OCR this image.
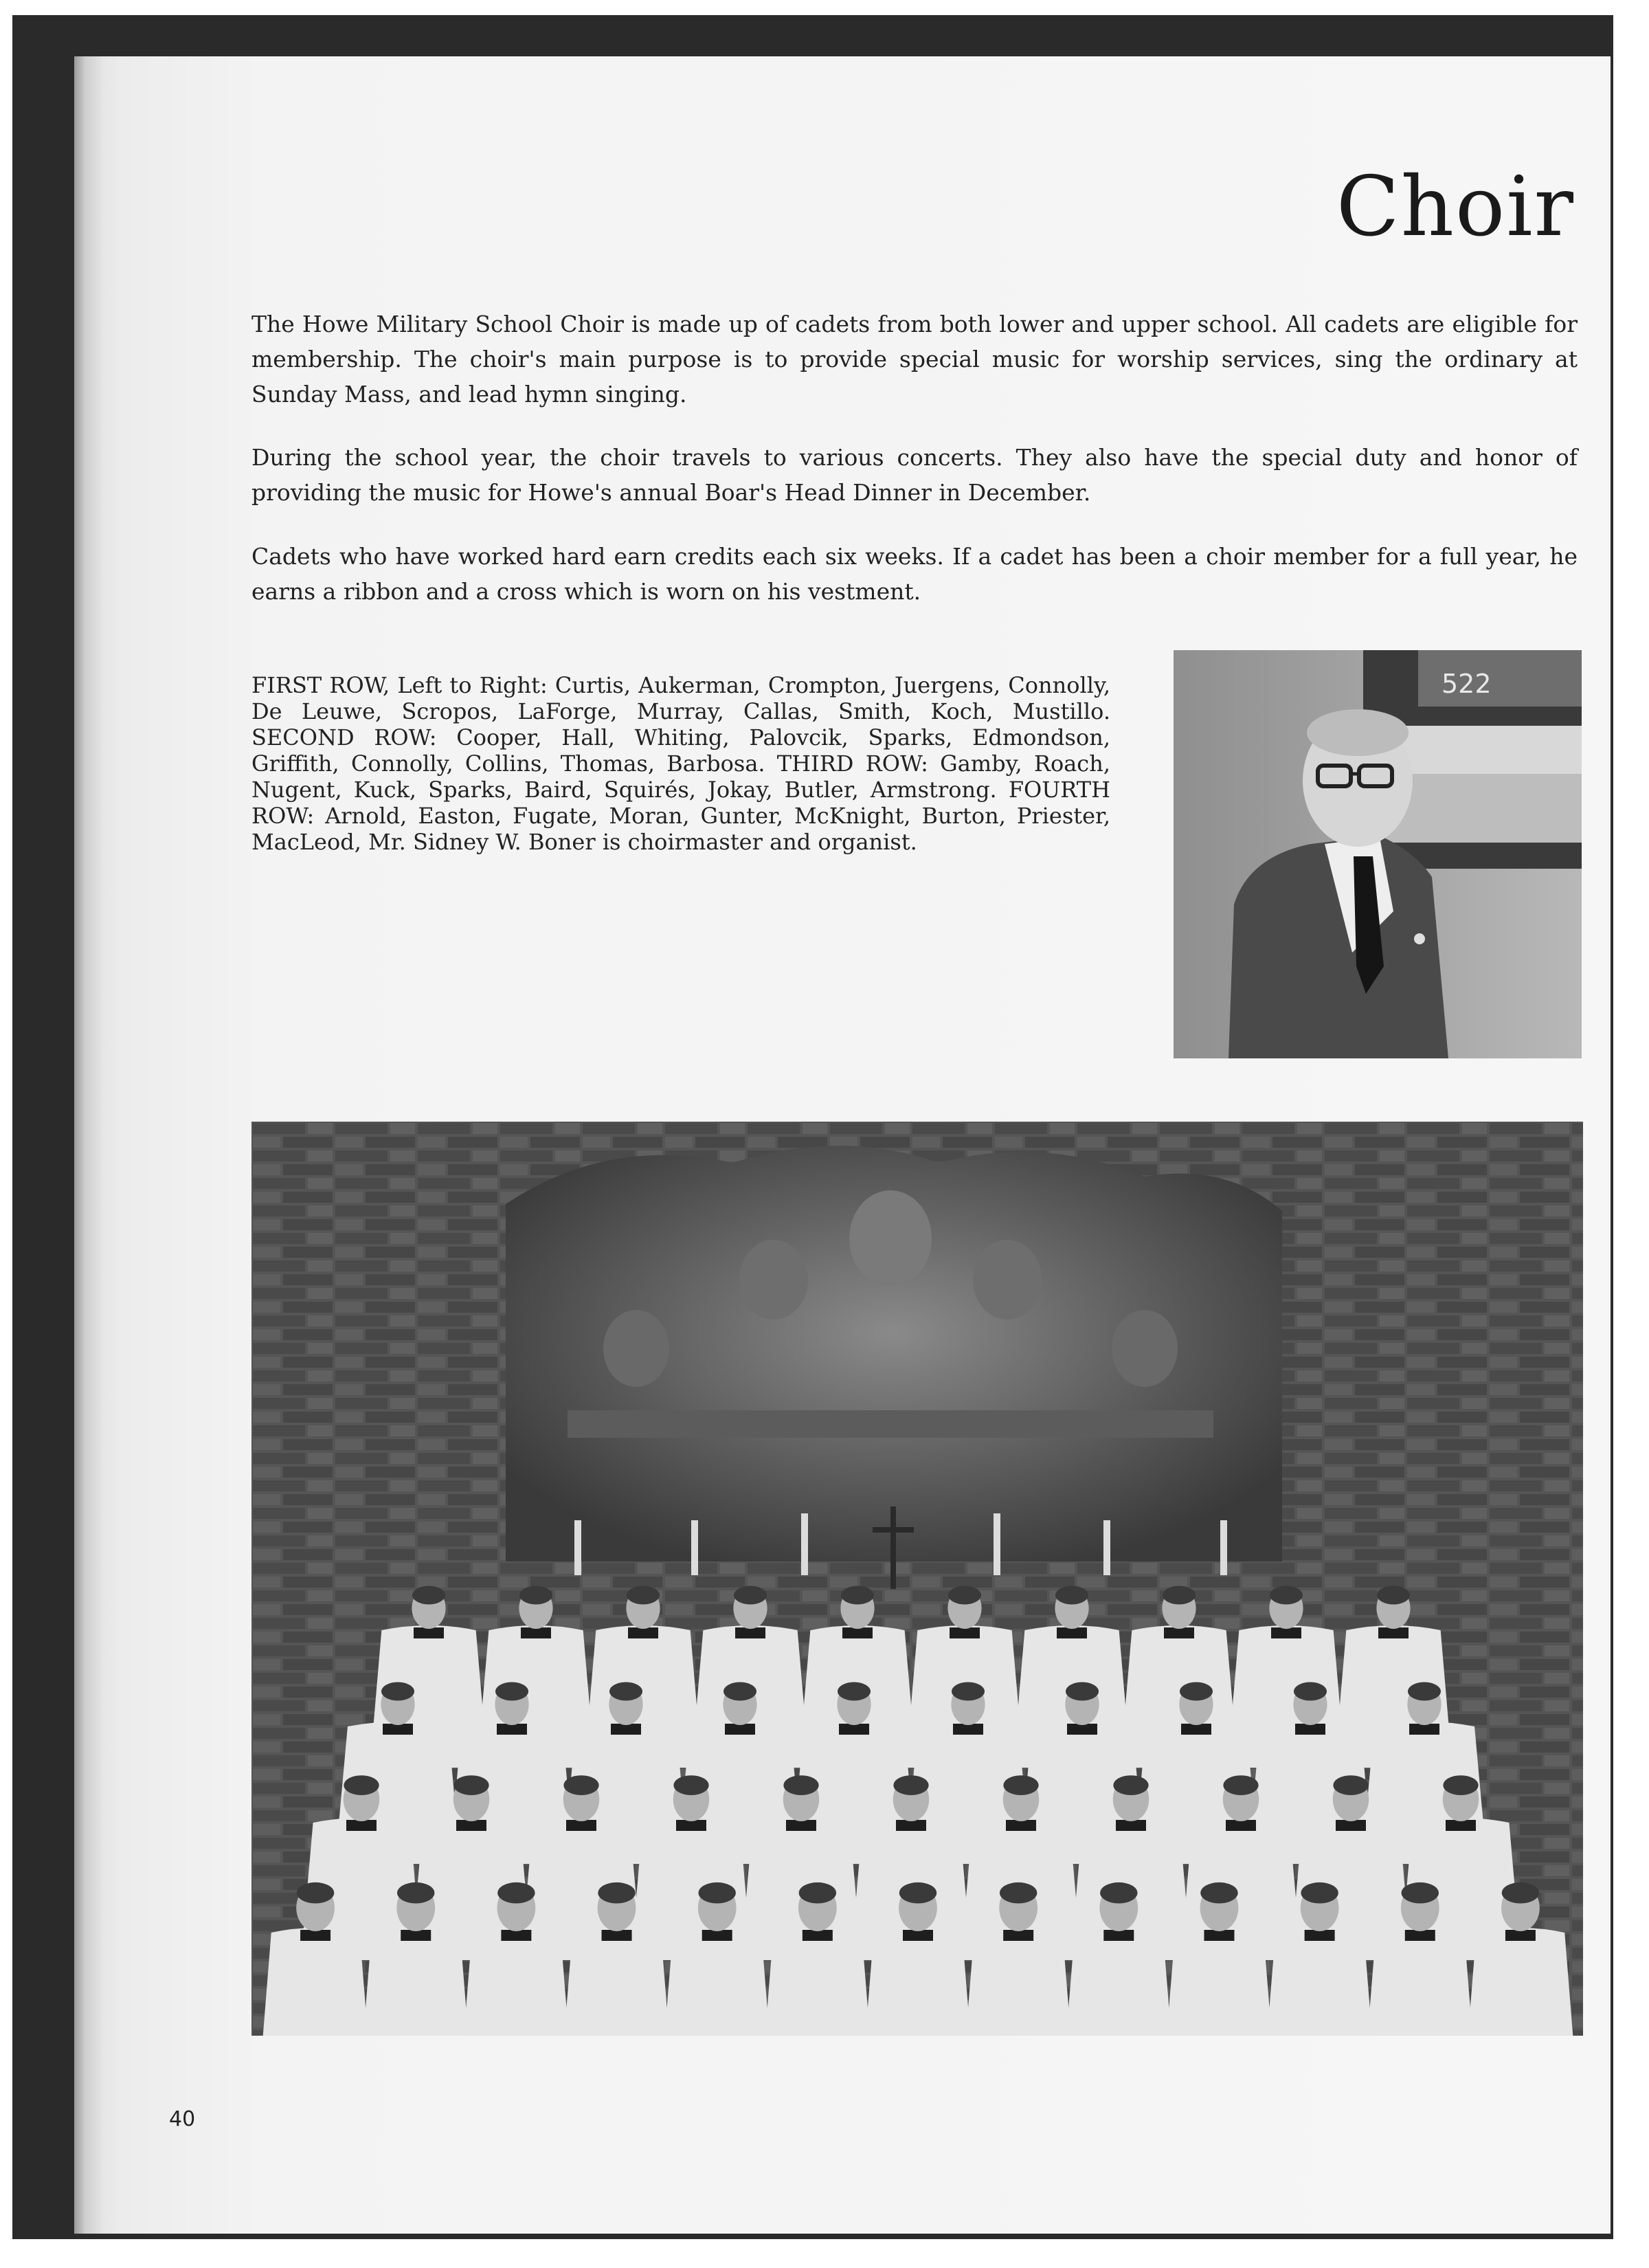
Choir

The Howe Military School Choir is made up of cadets from both lower and upper school. All cadets are eligible for membership. The choir's main purpose is to provide special music for worship services, sing the ordinary at Sunday Mass, and lead hymn singing.

During the school year, the choir travels to various concerts. They also have the special duty and honor of providing the music for Howe's annual Boar's Head Dinner in December.

Cadets who have worked hard earn credits each six weeks. If a cadet has been a choir member for a full year, he earns a ribbon and a cross which is worn on his vestment.

FIRST ROW, Left to Right: Curtis, Aukerman, Crompton, Juergens, Connolly, De Leuwe, Scropos, LaForge, Murray, Callas, Smith, Koch, Mustillo. SECOND ROW: Cooper, Hall, Whiting, Palovcik, Sparks, Edmondson, Griffith, Connolly, Collins, Thomas, Barbosa. THIRD ROW: Gamby, Roach, Nugent, Kuck, Sparks, Baird, Squirés, Jokay, Butler, Armstrong. FOURTH ROW: Arnold, Easton, Fugate, Moran, Gunter, McKnight, Burton, Priester, MacLeod, Mr. Sidney W. Boner is choirmaster and organist.

522
40
